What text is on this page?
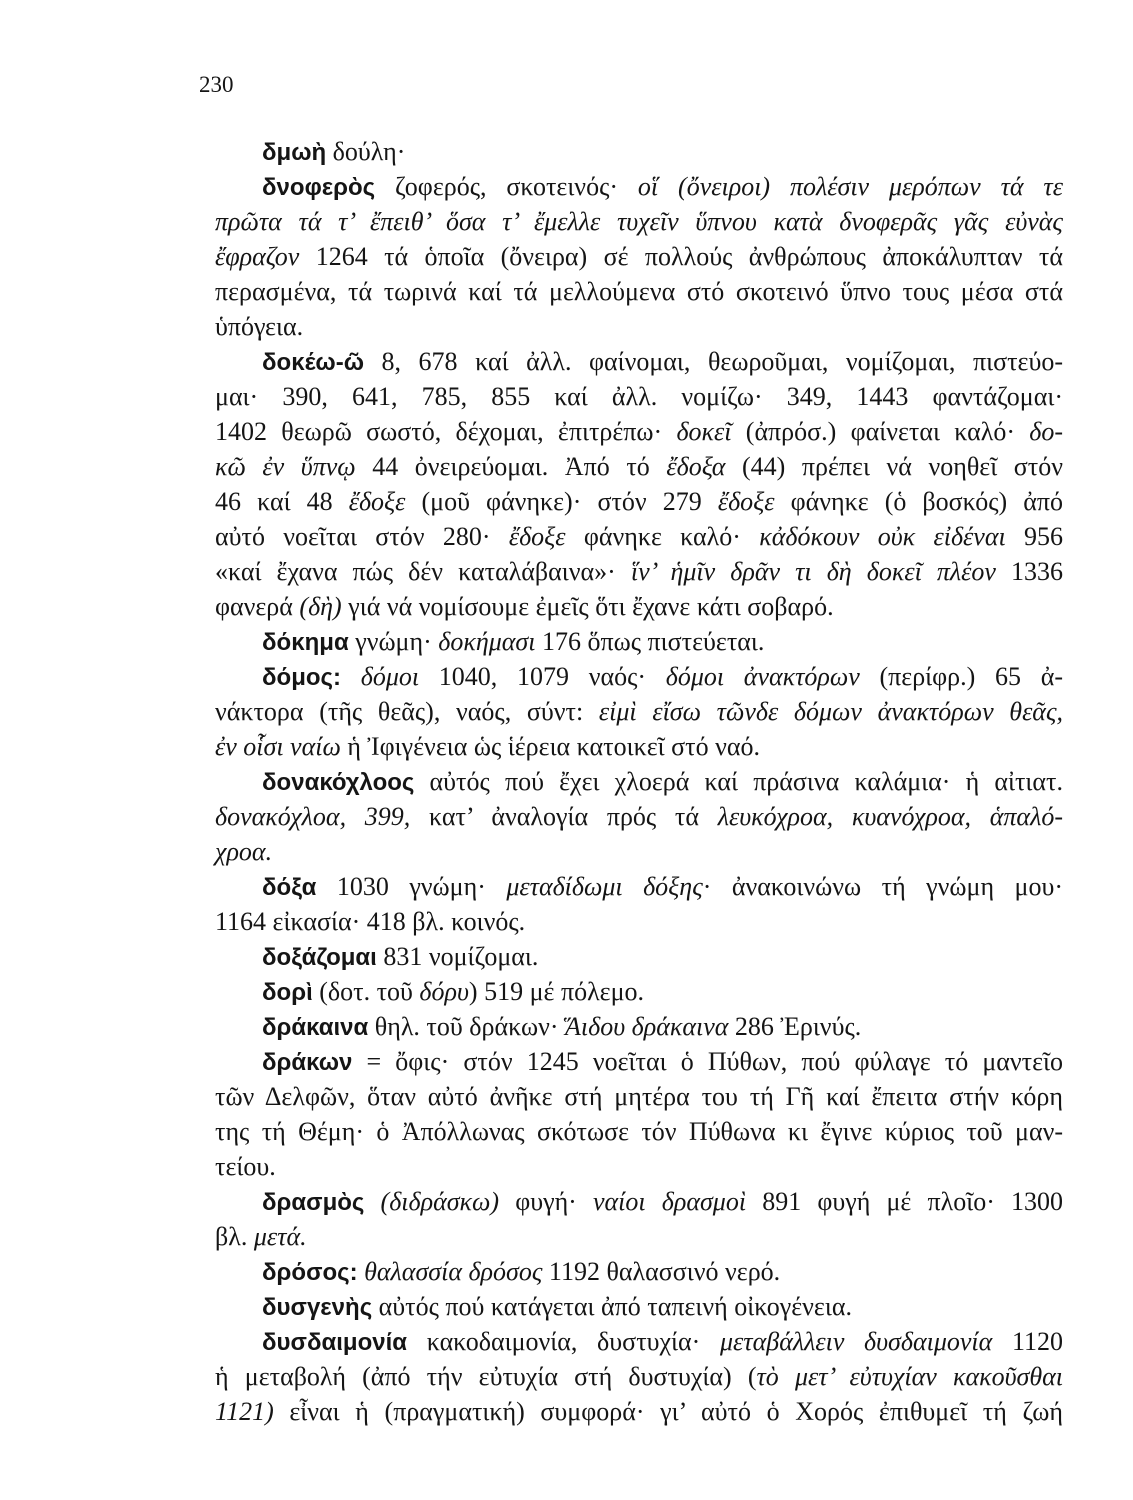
230
δμωὴ δούλη·
δνοφερὸς ζοφερός, σκοτεινός· οἵ (ὄνειροι) πολέσιν μερόπων τά τε
πρῶτα τά τ’ ἔπειθ’ ὅσα τ’ ἔμελλε τυχεῖν ὕπνου κατὰ δνοφερᾶς γᾶς εὐνὰς
ἔφραζον 1264 τά ὁποῖα (ὄνειρα) σέ πολλούς ἀνθρώπους ἀποκάλυπταν τά
περασμένα, τά τωρινά καί τά μελλούμενα στό σκοτεινό ὕπνο τους μέσα στά
ὑπόγεια.
δοκέω-ῶ 8, 678 καί ἀλλ. φαίνομαι, θεωροῦμαι, νομίζομαι, πιστεύο-
μαι· 390, 641, 785, 855 καί ἀλλ. νομίζω· 349, 1443 φαντάζομαι·
1402 θεωρῶ σωστό, δέχομαι, ἐπιτρέπω· δοκεῖ (ἀπρόσ.) φαίνεται καλό· δο-
κῶ ἐν ὕπνῳ 44 ὀνειρεύομαι. Ἀπό τό ἔδοξα (44) πρέπει νά νοηθεῖ στόν
46 καί 48 ἔδοξε (μοῦ φάνηκε)· στόν 279 ἔδοξε φάνηκε (ὁ βοσκός) ἀπό
αὐτό νοεῖται στόν 280· ἔδοξε φάνηκε καλό· κἀδόκουν οὐκ εἰδέναι 956
«καί ἔχανα πώς δέν καταλάβαινα»· ἵν’ ἡμῖν δρᾶν τι δὴ δοκεῖ πλέον 1336
φανερά (δὴ) γιά νά νομίσουμε ἐμεῖς ὅτι ἔχανε κάτι σοβαρό.
δόκημα γνώμη· δοκήμασι 176 ὅπως πιστεύεται.
δόμος: δόμοι 1040, 1079 ναός· δόμοι ἀνακτόρων (περίφρ.) 65 ἀ-
νάκτορα (τῆς θεᾶς), ναός, σύντ: εἰμὶ εἴσω τῶνδε δόμων ἀνακτόρων θεᾶς,
ἐν οἷσι ναίω ἡ Ἰφιγένεια ὡς ἱέρεια κατοικεῖ στό ναό.
δονακόχλοος αὐτός πού ἔχει χλοερά καί πράσινα καλάμια· ἡ αἰτιατ.
δονακόχλοα, 399, κατ’ ἀναλογία πρός τά λευκόχροα, κυανόχροα, ἁπαλό-
χροα.
δόξα 1030 γνώμη· μεταδίδωμι δόξης· ἀνακοινώνω τή γνώμη μου·
1164 εἰκασία· 418 βλ. κοινός.
δοξάζομαι 831 νομίζομαι.
δορὶ (δοτ. τοῦ δόρυ) 519 μέ πόλεμο.
δράκαινα θηλ. τοῦ δράκων· Ἅιδου δράκαινα 286 Ἐρινύς.
δράκων = ὄφις· στόν 1245 νοεῖται ὁ Πύθων, πού φύλαγε τό μαντεῖο
τῶν Δελφῶν, ὅταν αὐτό ἀνῆκε στή μητέρα του τή Γῆ καί ἔπειτα στήν κόρη
της τή Θέμη· ὁ Ἀπόλλωνας σκότωσε τόν Πύθωνα κι ἔγινε κύριος τοῦ μαν-
τείου.
δρασμὸς (διδράσκω) φυγή· ναίοι δρασμοὶ 891 φυγή μέ πλοῖο· 1300
βλ. μετά.
δρόσος: θαλασσία δρόσος 1192 θαλασσινό νερό.
δυσγενὴς αὐτός πού κατάγεται ἀπό ταπεινή οἰκογένεια.
δυσδαιμονία κακοδαιμονία, δυστυχία· μεταβάλλειν δυσδαιμονία 1120
ἡ μεταβολή (ἀπό τήν εὐτυχία στή δυστυχία) (τὸ μετ’ εὐτυχίαν κακοῦσθαι
1121) εἶναι ἡ (πραγματική) συμφορά· γι’ αὐτό ὁ Χορός ἐπιθυμεῖ τή ζωή
